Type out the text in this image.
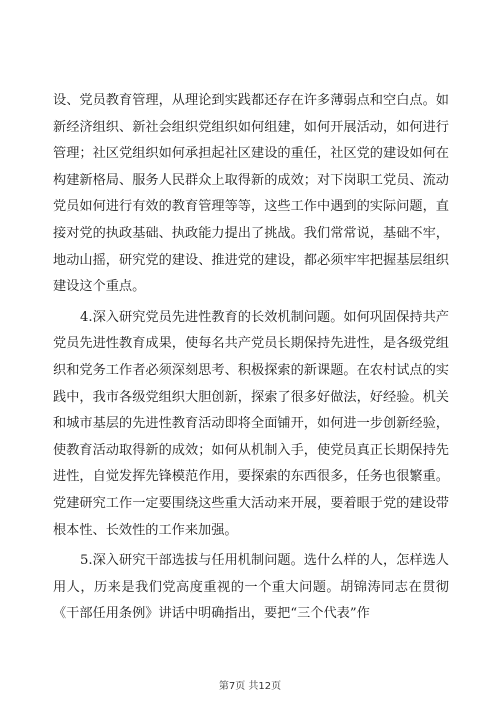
设、党员教育管理，从理论到实践都还存在许多薄弱点和空白点。如新经济组织、新社会组织党组织如何组建，如何开展活动，如何进行管理；社区党组织如何承担起社区建设的重任，社区党的建设如何在构建新格局、服务人民群众上取得新的成效；对下岗职工党员、流动党员如何进行有效的教育管理等等，这些工作中遇到的实际问题，直接对党的执政基础、执政能力提出了挑战。我们常常说，基础不牢，地动山摇，研究党的建设、推进党的建设，都必须牢牢把握基层组织建设这个重点。

4.深入研究党员先进性教育的长效机制问题。如何巩固保持共产党员先进性教育成果，使每名共产党员长期保持先进性，是各级党组织和党务工作者必须深刻思考、积极探索的新课题。在农村试点的实践中，我市各级党组织大胆创新，探索了很多好做法，好经验。机关和城市基层的先进性教育活动即将全面铺开，如何进一步创新经验，使教育活动取得新的成效；如何从机制入手，使党员真正长期保持先进性，自觉发挥先锋模范作用，要探索的东西很多，任务也很繁重。党建研究工作一定要围绕这些重大活动来开展，要着眼于党的建设带根本性、长效性的工作来加强。

5.深入研究干部选拔与任用机制问题。选什么样的人，怎样选人用人，历来是我们党高度重视的一个重大问题。胡锦涛同志在贯彻《干部任用条例》讲话中明确指出，要把“三个代表”作

第7页 共12页
